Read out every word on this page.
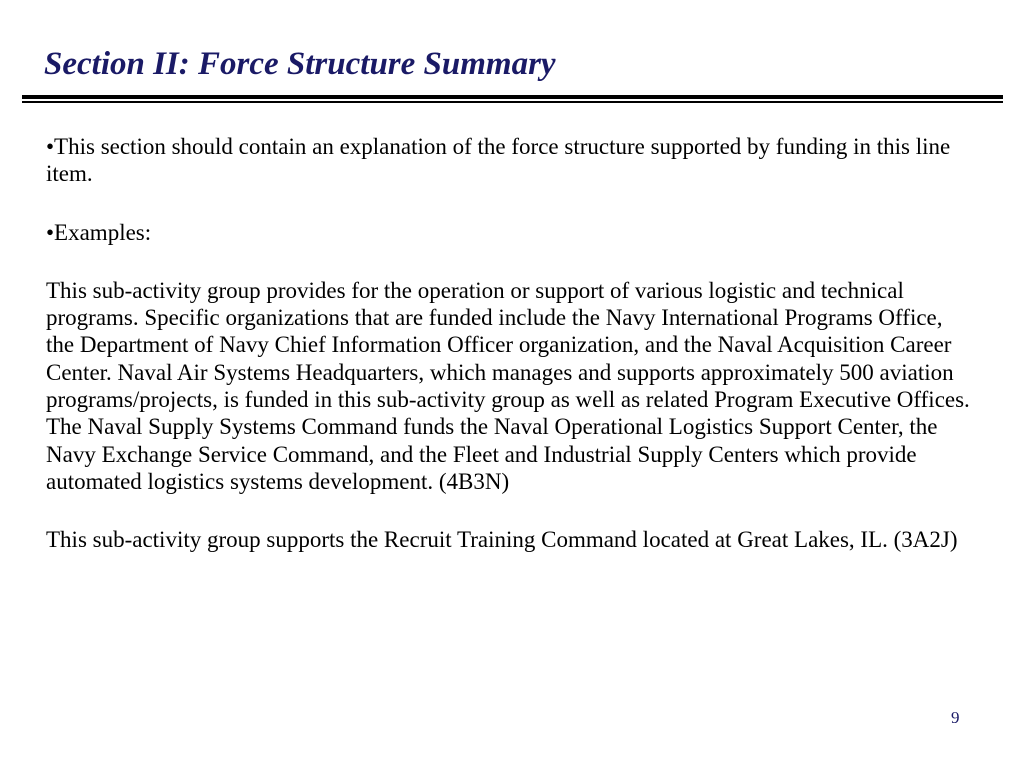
Section II: Force Structure Summary

•This section should contain an explanation of the force structure supported by funding in this line item.

•Examples:

This sub-activity group provides for the operation or support of various logistic and technical programs. Specific organizations that are funded include the Navy International Programs Office, the Department of Navy Chief Information Officer organization, and the Naval Acquisition Career Center. Naval Air Systems Headquarters, which manages and supports approximately 500 aviation programs/projects, is funded in this sub-activity group as well as related Program Executive Offices. The Naval Supply Systems Command funds the Naval Operational Logistics Support Center, the Navy Exchange Service Command, and the Fleet and Industrial Supply Centers which provide automated logistics systems development. (4B3N)

This sub-activity group supports the Recruit Training Command located at Great Lakes, IL. (3A2J)

9
